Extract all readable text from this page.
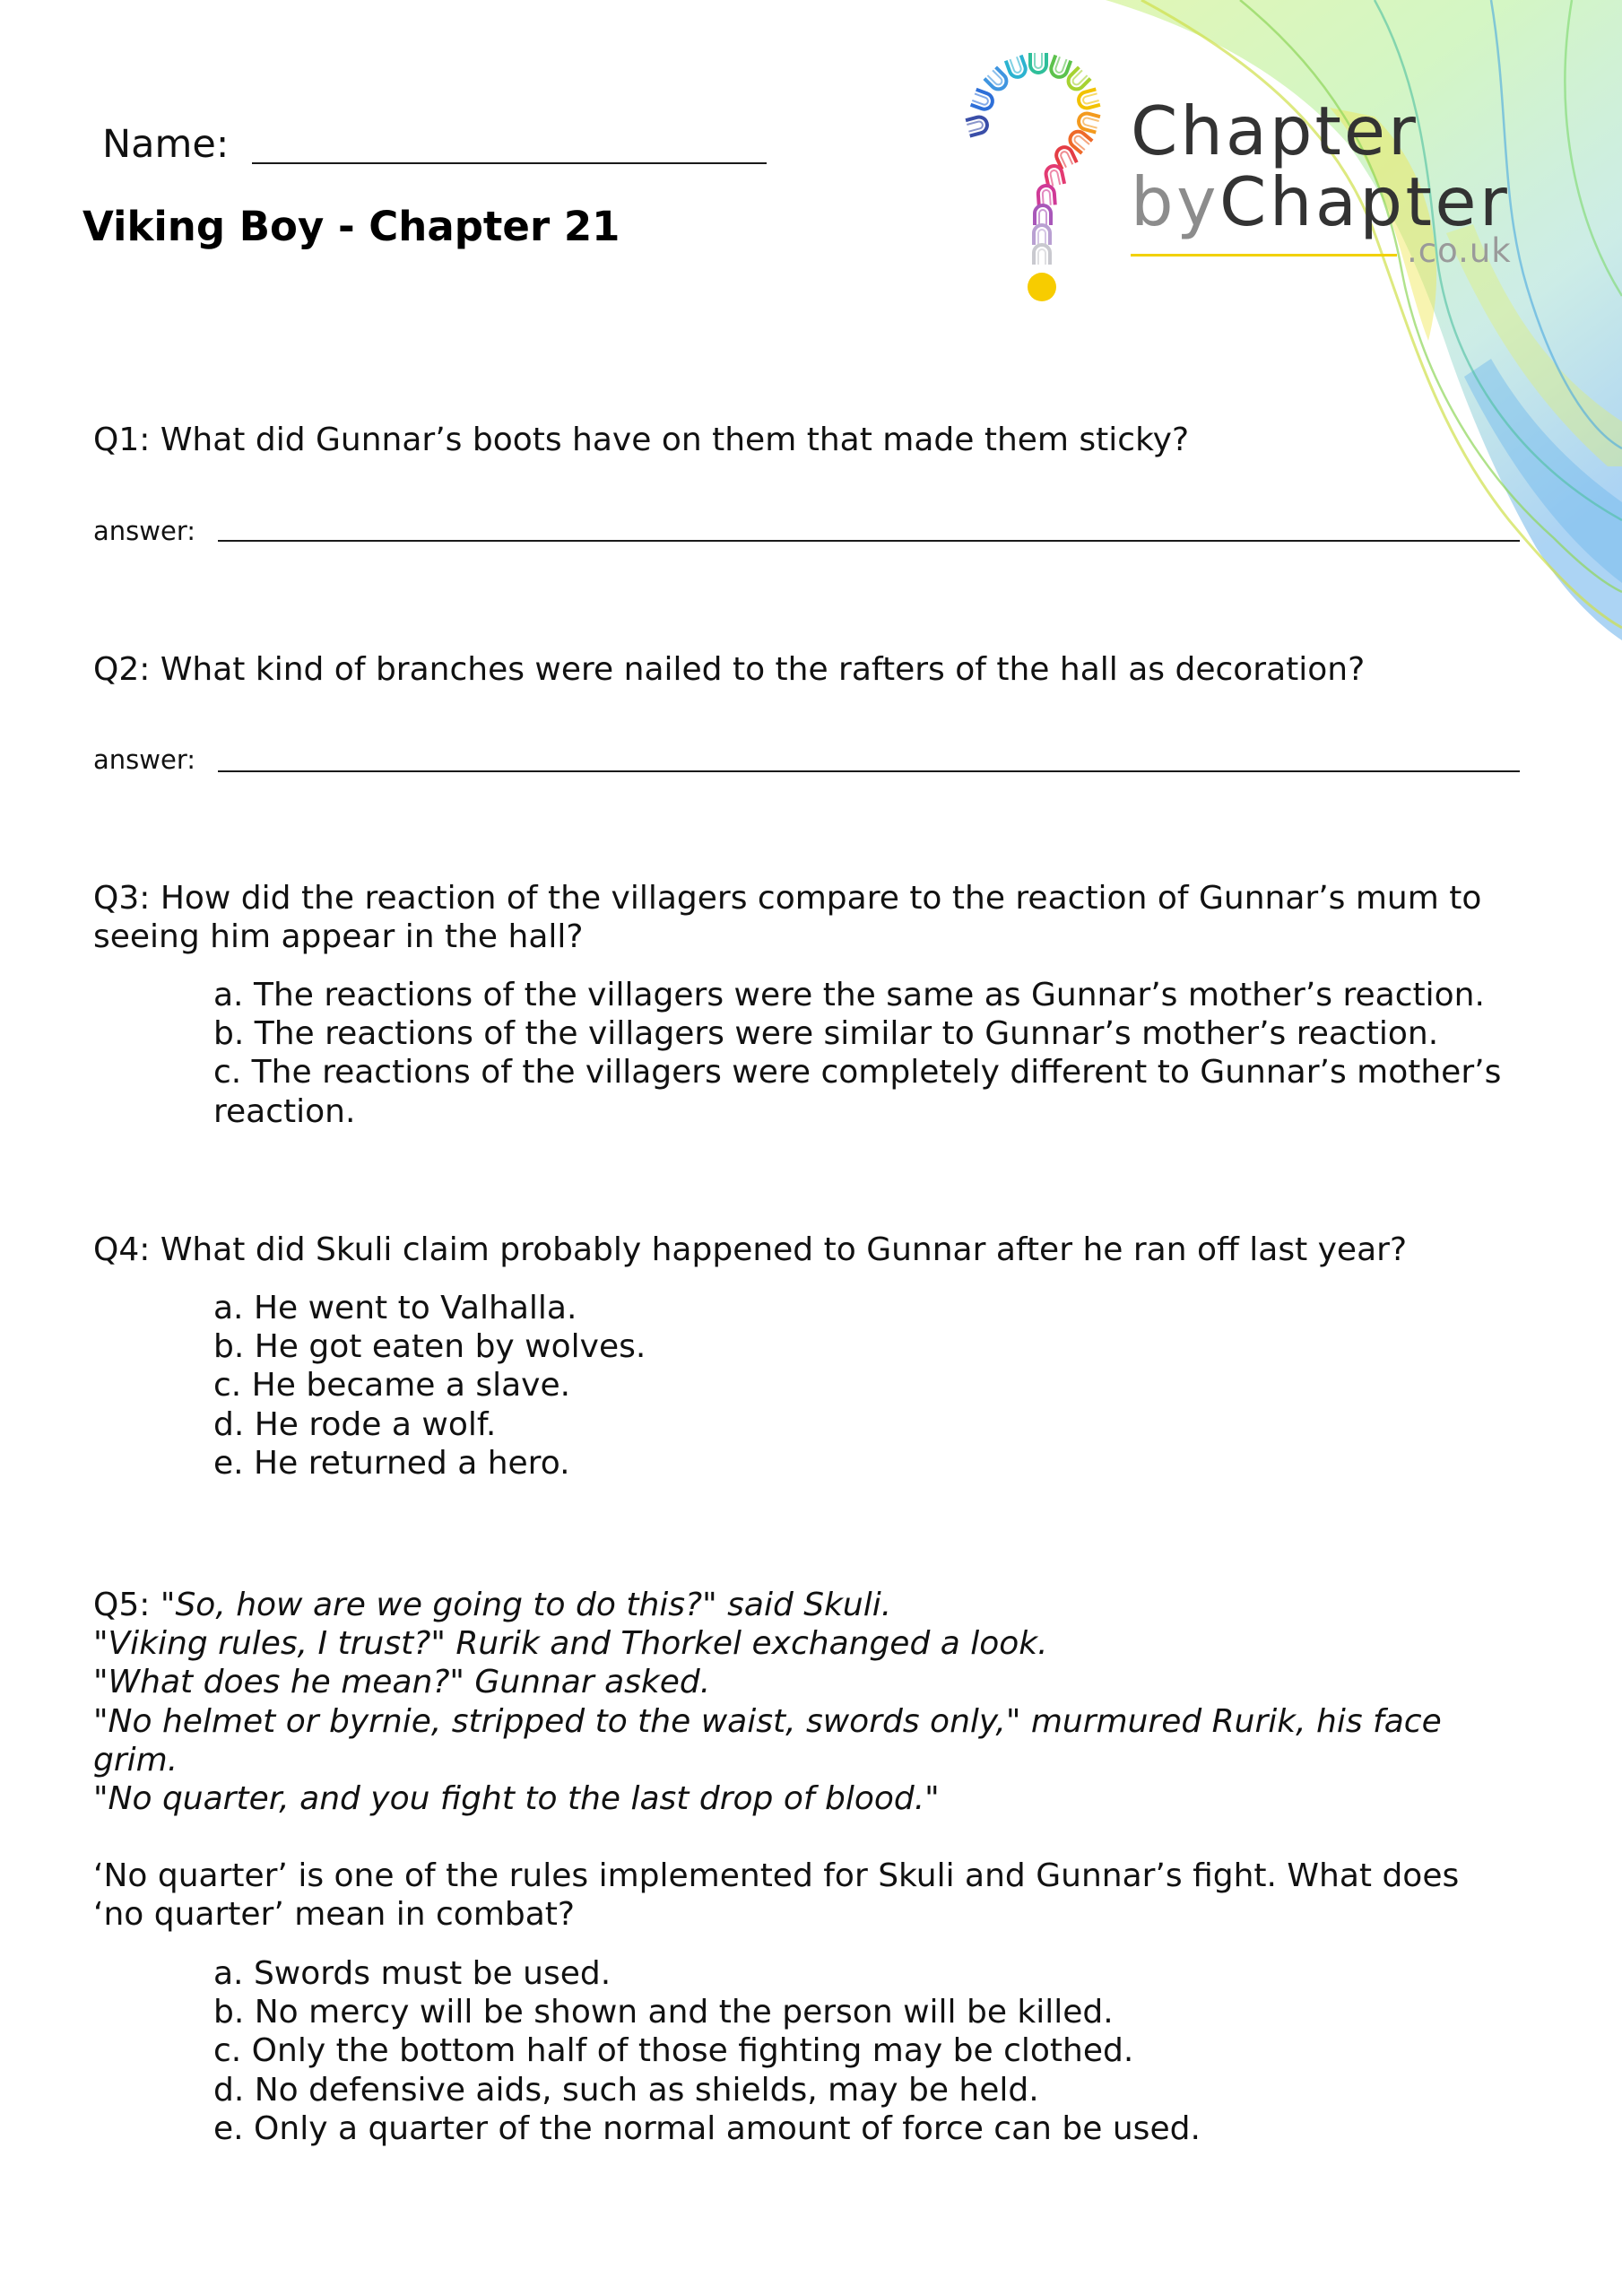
Chapter
byChapter
.co.uk
Name:
Viking Boy - Chapter 21
Q1: What did Gunnar’s boots have on them that made them sticky?
answer:
Q2: What kind of branches were nailed to the rafters of the hall as decoration?
answer:
Q3: How did the reaction of the villagers compare to the reaction of Gunnar’s mum to
seeing him appear in the hall?
a. The reactions of the villagers were the same as Gunnar’s mother’s reaction.
b. The reactions of the villagers were similar to Gunnar’s mother’s reaction.
c. The reactions of the villagers were completely different to Gunnar’s mother’s
reaction.
Q4: What did Skuli claim probably happened to Gunnar after he ran off last year?
a. He went to Valhalla.
b. He got eaten by wolves.
c. He became a slave.
d. He rode a wolf.
e. He returned a hero.
Q5: "So, how are we going to do this?" said Skuli.
"Viking rules, I trust?" Rurik and Thorkel exchanged a look.
"What does he mean?" Gunnar asked.
"No helmet or byrnie, stripped to the waist, swords only," murmured Rurik, his face
grim.
"No quarter, and you fight to the last drop of blood."
‘No quarter’ is one of the rules implemented for Skuli and Gunnar’s fight. What does
‘no quarter’ mean in combat?
a. Swords must be used.
b. No mercy will be shown and the person will be killed.
c. Only the bottom half of those fighting may be clothed.
d. No defensive aids, such as shields, may be held.
e. Only a quarter of the normal amount of force can be used.
